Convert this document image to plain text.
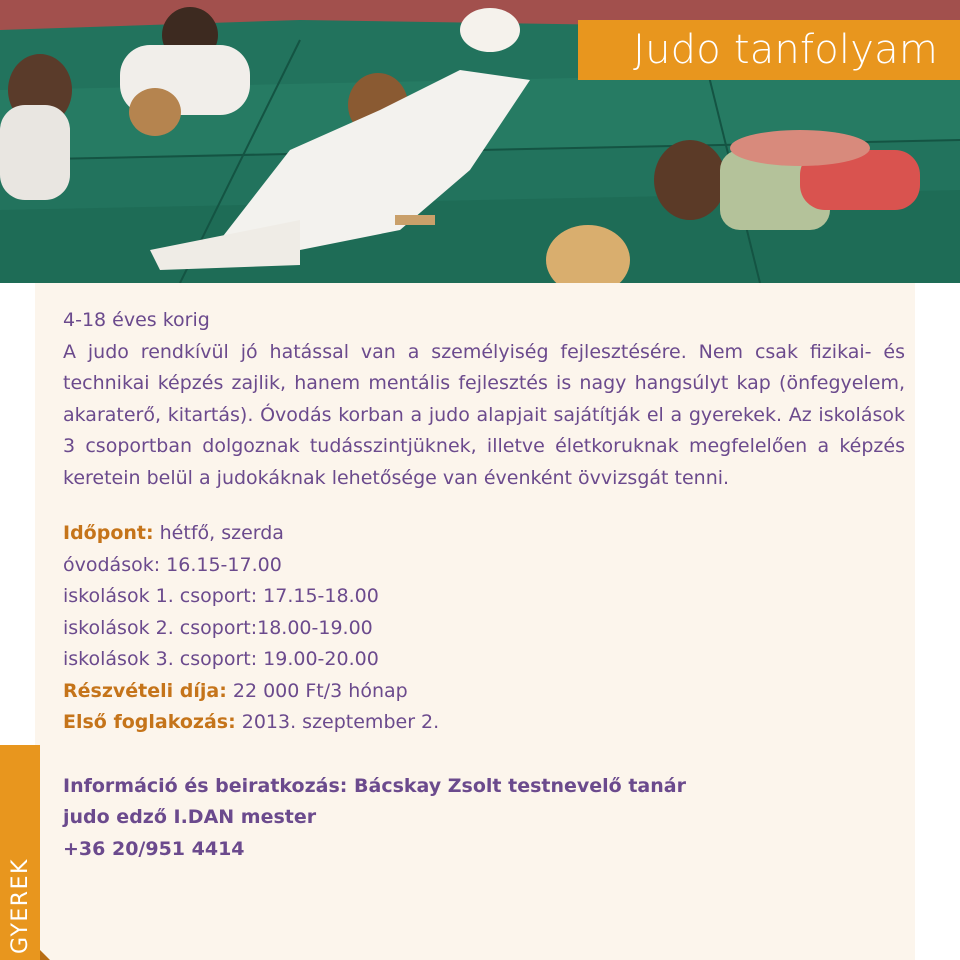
Judo tanfolyam

4-18 éves korig

A judo rendkívül jó hatással van a személyiség fejlesztésére. Nem csak fizikai- és technikai képzés zajlik, hanem mentális fejlesztés is nagy hangsúlyt kap (önfegyelem, akaraterő, kitartás). Óvodás korban a judo alapjait sajátítják el a gyerekek. Az iskolások 3 csoportban dolgoznak tudásszintjüknek, illetve életkoruknak megfelelően a képzés keretein belül a judokáknak lehetősége van évenként övvizsgát tenni.

Időpont: hétfő, szerda

óvodások: 16.15-17.00

iskolások 1. csoport: 17.15-18.00

iskolások 2. csoport:18.00-19.00

iskolások 3. csoport: 19.00-20.00

Részvételi díja: 22 000 Ft/3 hónap

Első foglakozás: 2013. szeptember 2.

Információ és beiratkozás: Bácskay Zsolt testnevelő tanár

judo edző I.DAN mester

+36 20/951 4414

GYEREK
